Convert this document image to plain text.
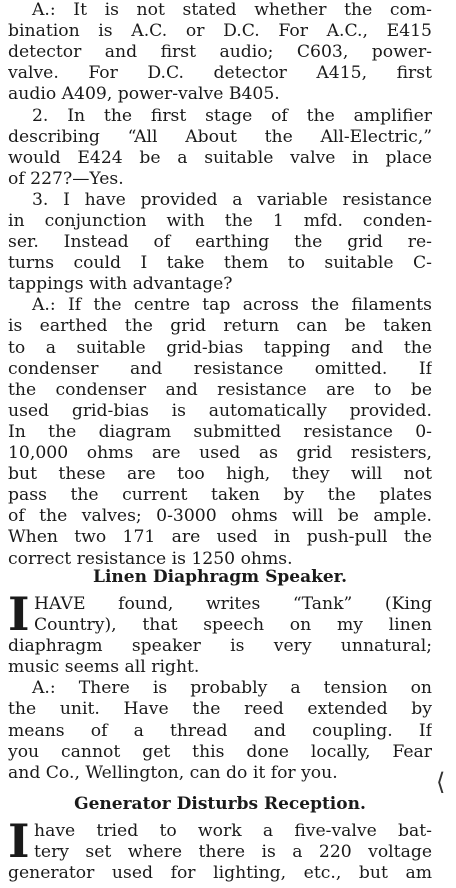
A.: It is not stated whether the com-
bination is A.C. or D.C. For A.C., E415
detector and first audio; C603, power-
valve. For D.C. detector A415, first
audio A409, power-valve B405.
2. In the first stage of the amplifier
describing “All About the All-Electric,”
would E424 be a suitable valve in place
of 227?—Yes.
3. I have provided a variable resistance
in conjunction with the 1 mfd. conden-
ser. Instead of earthing the grid re-
turns could I take them to suitable C-
tappings with advantage?
A.: If the centre tap across the filaments
is earthed the grid return can be taken
to a suitable grid-bias tapping and the
condenser and resistance omitted. If
the condenser and resistance are to be
used grid-bias is automatically provided.
In the diagram submitted resistance 0-
10,000 ohms are used as grid resisters,
but these are too high, they will not
pass the current taken by the plates
of the valves; 0-3000 ohms will be ample.
When two 171 are used in push-pull the
correct resistance is 1250 ohms.
Linen Diaphragm Speaker.
I HAVE found, writes “Tank” (King
Country), that speech on my linen
diaphragm speaker is very unnatural;
music seems all right.
A.: There is probably a tension on
the unit. Have the reed extended by
means of a thread and coupling. If
you cannot get this done locally, Fear
and Co., Wellington, can do it for you.
Generator Disturbs Reception.
I have tried to work a five-valve bat-
tery set where there is a 220 voltage
generator used for lighting, etc., but am
⟨
